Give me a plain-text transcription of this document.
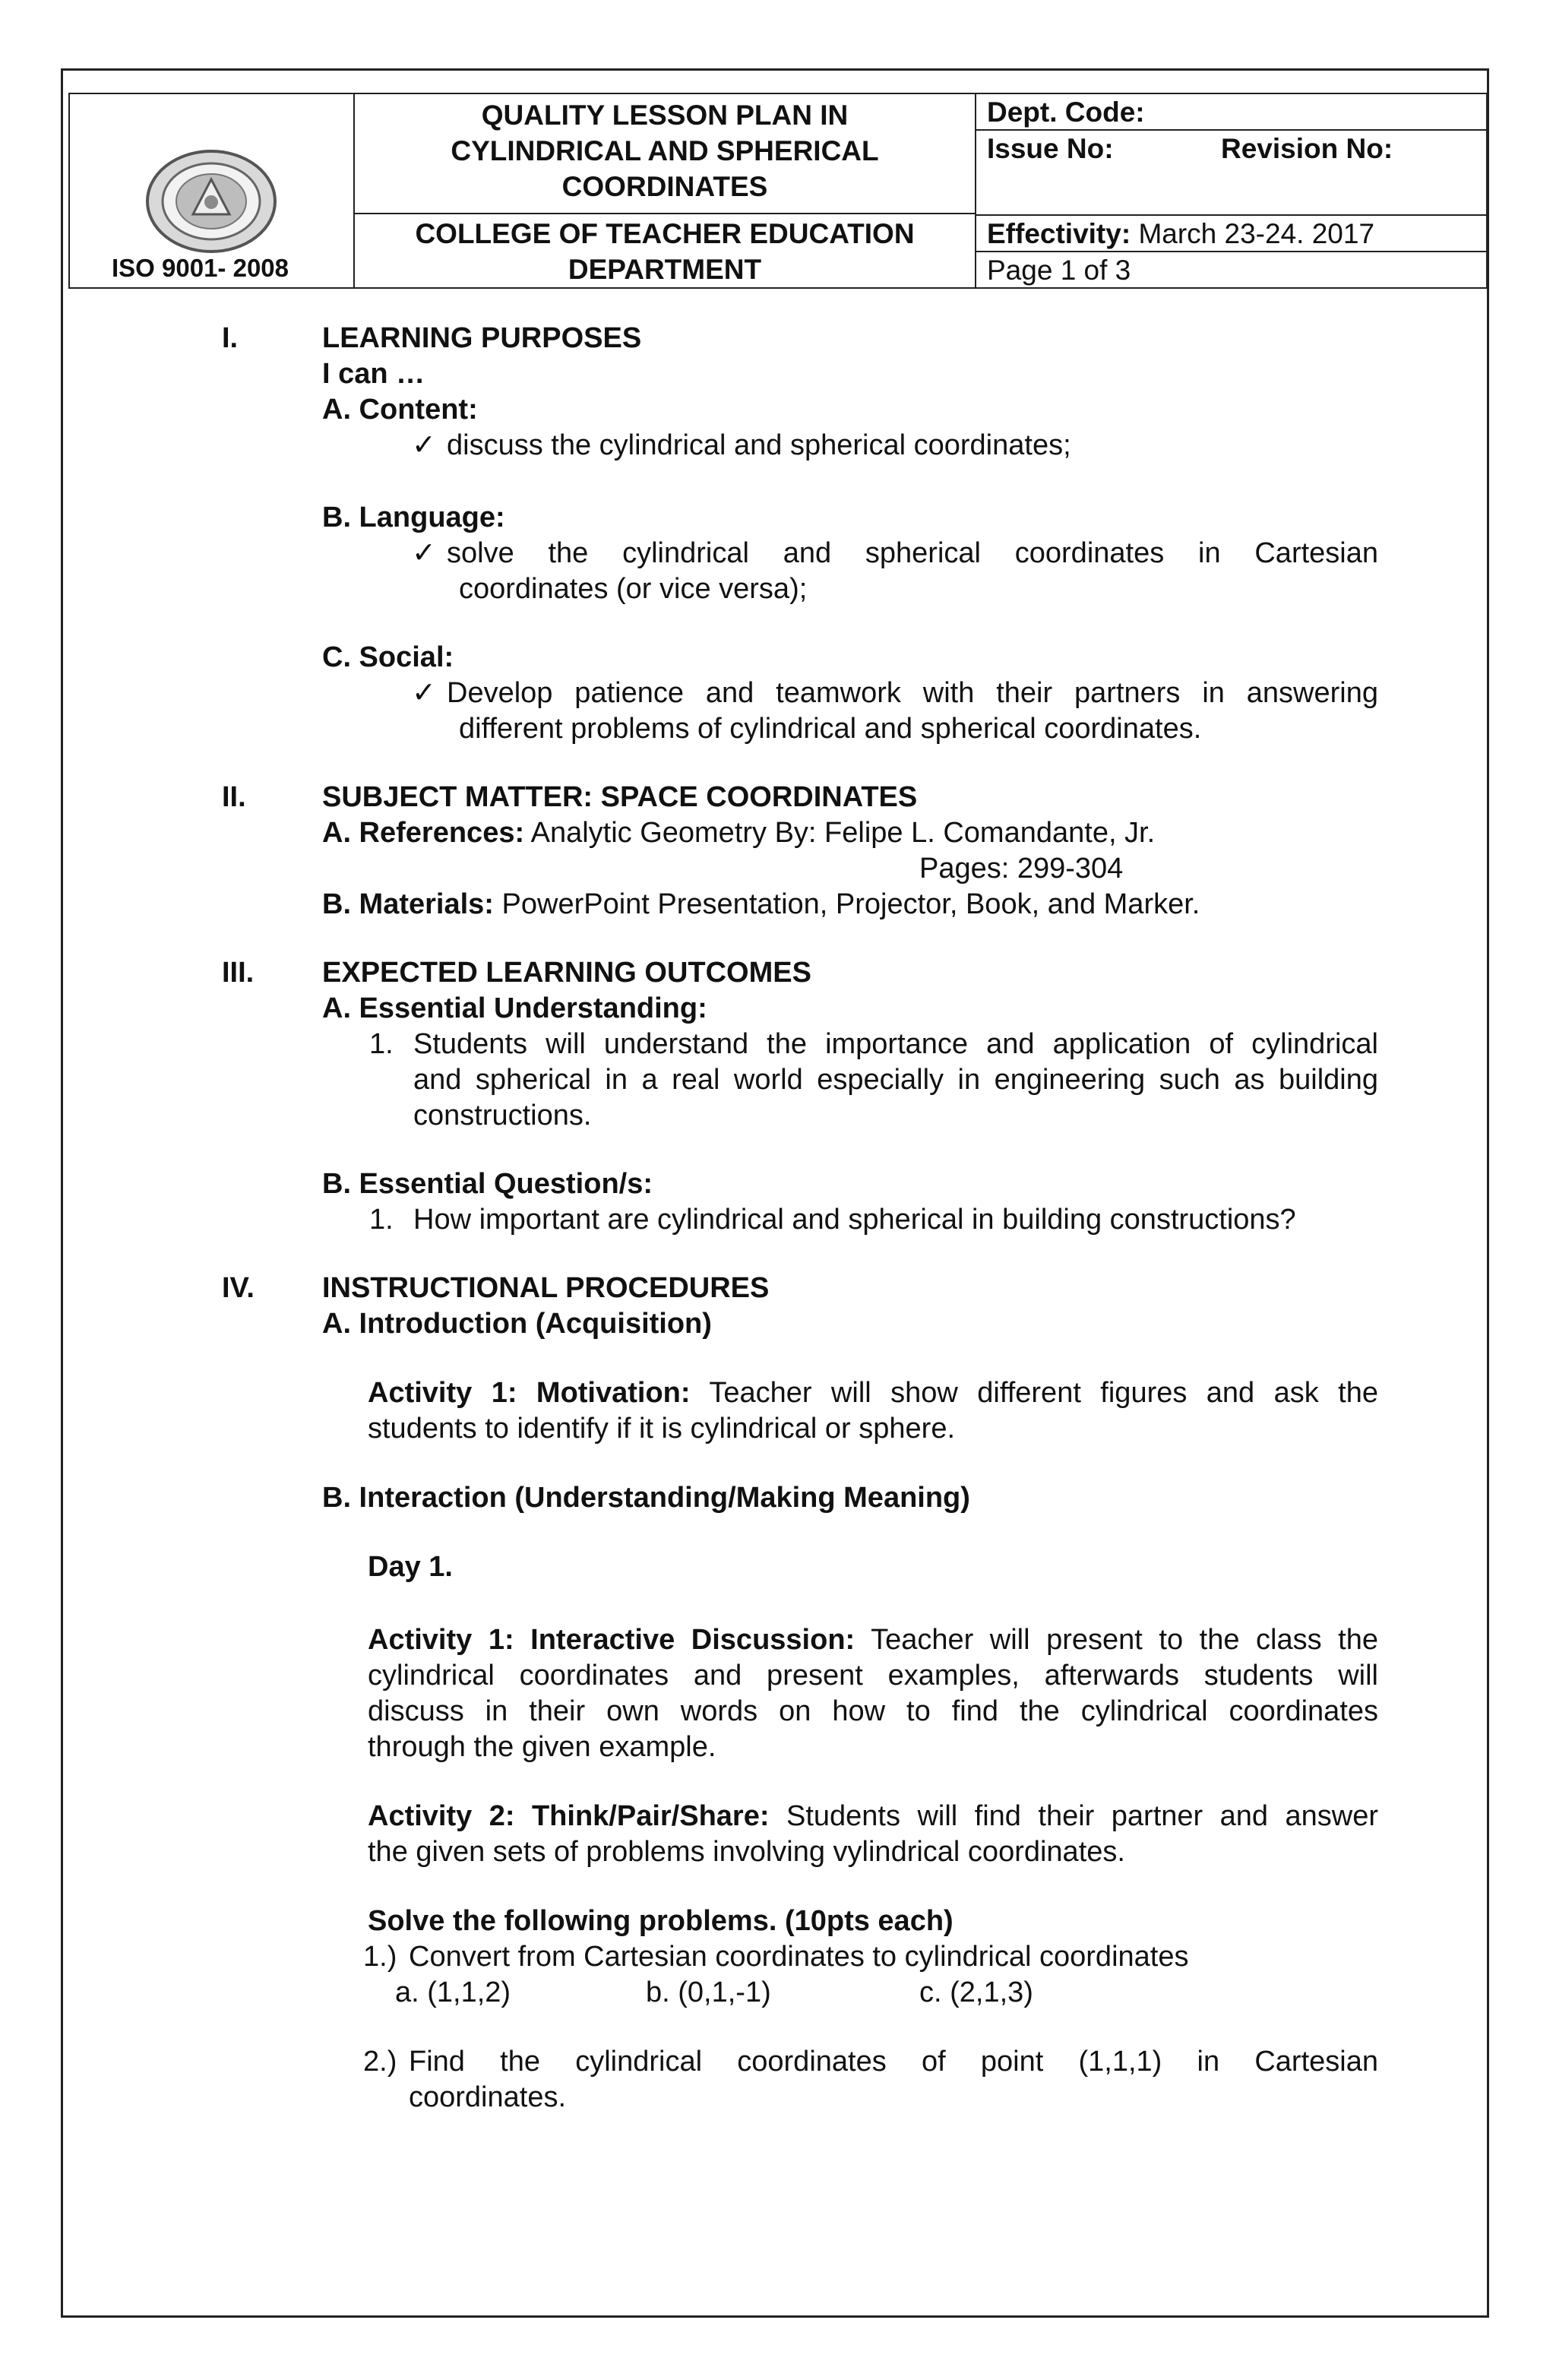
ISO 9001- 2008
QUALITY LESSON PLAN IN
CYLINDRICAL AND SPHERICAL
COORDINATES
COLLEGE OF TEACHER EDUCATION
DEPARTMENT
Dept. Code:
Issue No:	Revision No:
Effectivity: March 23-24. 2017
Page 1 of 3
I.	LEARNING PURPOSES
I can …
A. Content:
✓ discuss the cylindrical and spherical coordinates;
B. Language:
✓ solve the cylindrical and spherical coordinates in Cartesian
coordinates (or vice versa);
C. Social:
✓ Develop patience and teamwork with their partners in answering
different problems of cylindrical and spherical coordinates.
II.	SUBJECT MATTER: SPACE COORDINATES
A. References: Analytic Geometry By: Felipe L. Comandante, Jr.
Pages: 299-304
B. Materials: PowerPoint Presentation, Projector, Book, and Marker.
III. EXPECTED LEARNING OUTCOMES
A. Essential Understanding:
1. Students will understand the importance and application of cylindrical
and spherical in a real world especially in engineering such as building
constructions.
B. Essential Question/s:
1. How important are cylindrical and spherical in building constructions?
IV. INSTRUCTIONAL PROCEDURES
A. Introduction (Acquisition)
Activity 1: Motivation: Teacher will show different figures and ask the
students to identify if it is cylindrical or sphere.
B. Interaction (Understanding/Making Meaning)
Day 1.
Activity 1: Interactive Discussion: Teacher will present to the class the
cylindrical coordinates and present examples, afterwards students will
discuss in their own words on how to find the cylindrical coordinates
through the given example.
Activity 2: Think/Pair/Share: Students will find their partner and answer
the given sets of problems involving vylindrical coordinates.
Solve the following problems. (10pts each)
1.) Convert from Cartesian coordinates to cylindrical coordinates
a. (1,1,2)	b. (0,1,-1)	c. (2,1,3)
2.) Find the cylindrical coordinates of point (1,1,1) in Cartesian
coordinates.
